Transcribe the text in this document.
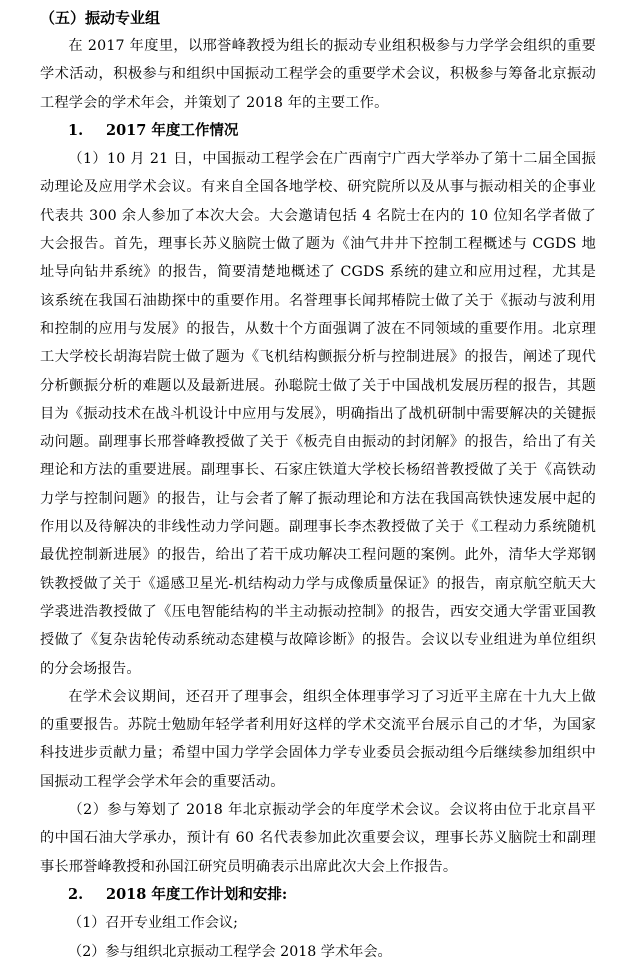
（五）振动专业组

在 2017 年度里，以邢誉峰教授为组长的振动专业组积极参与力学学会组织的重要学术活动，积极参与和组织中国振动工程学会的重要学术会议，积极参与筹备北京振动工程学会的学术年会，并策划了 2018 年的主要工作。

1. 2017 年度工作情况

（1）10 月 21 日，中国振动工程学会在广西南宁广西大学举办了第十二届全国振动理论及应用学术会议。有来自全国各地学校、研究院所以及从事与振动相关的企事业代表共 300 余人参加了本次大会。大会邀请包括 4 名院士在内的 10 位知名学者做了大会报告。首先，理事长苏义脑院士做了题为《油气井井下控制工程概述与 CGDS 地址导向钻井系统》的报告，简要清楚地概述了 CGDS 系统的建立和应用过程，尤其是该系统在我国石油勘探中的重要作用。名誉理事长闻邦椿院士做了关于《振动与波利用和控制的应用与发展》的报告，从数十个方面强调了波在不同领域的重要作用。北京理工大学校长胡海岩院士做了题为《飞机结构颤振分析与控制进展》的报告，阐述了现代分析颤振分析的难题以及最新进展。孙聪院士做了关于中国战机发展历程的报告，其题目为《振动技术在战斗机设计中应用与发展》，明确指出了战机研制中需要解决的关键振动问题。副理事长邢誉峰教授做了关于《板壳自由振动的封闭解》的报告，给出了有关理论和方法的重要进展。副理事长、石家庄铁道大学校长杨绍普教授做了关于《高铁动力学与控制问题》的报告，让与会者了解了振动理论和方法在我国高铁快速发展中起的作用以及待解决的非线性动力学问题。副理事长李杰教授做了关于《工程动力系统随机最优控制新进展》的报告，给出了若干成功解决工程问题的案例。此外，清华大学郑钢铁教授做了关于《遥感卫星光-机结构动力学与成像质量保证》的报告，南京航空航天大学裘进浩教授做了《压电智能结构的半主动振动控制》的报告，西安交通大学雷亚国教授做了《复杂齿轮传动系统动态建模与故障诊断》的报告。会议以专业组进为单位组织的分会场报告。

在学术会议期间，还召开了理事会，组织全体理事学习了习近平主席在十九大上做的重要报告。苏院士勉励年轻学者利用好这样的学术交流平台展示自己的才华，为国家科技进步贡献力量；希望中国力学学会固体力学专业委员会振动组今后继续参加组织中国振动工程学会学术年会的重要活动。

（2）参与筹划了 2018 年北京振动学会的年度学术会议。会议将由位于北京昌平的中国石油大学承办，预计有 60 名代表参加此次重要会议，理事长苏义脑院士和副理事长邢誉峰教授和孙国江研究员明确表示出席此次大会上作报告。

2. 2018 年度工作计划和安排:

（1）召开专业组工作会议;

（2）参与组织北京振动工程学会 2018 学术年会。
